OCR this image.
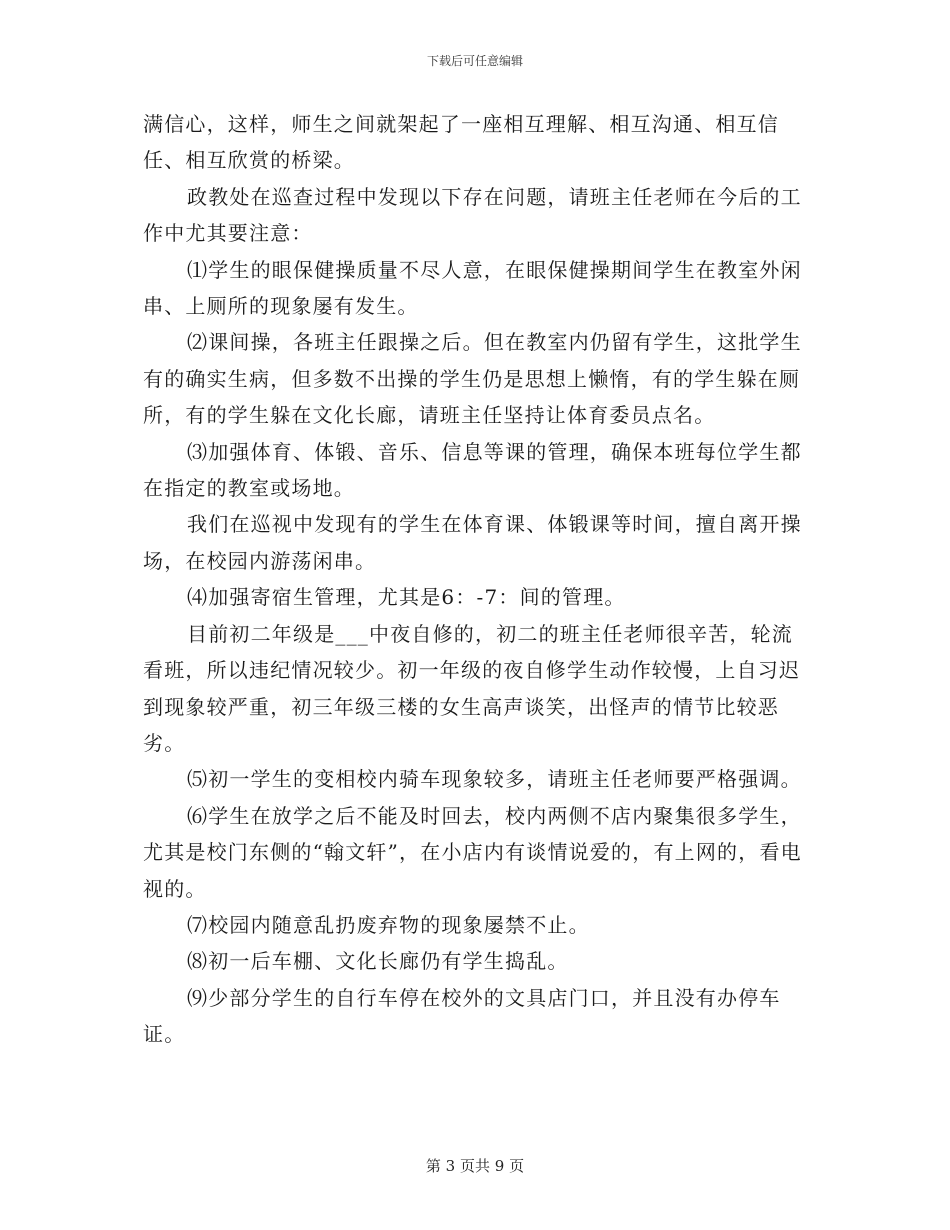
下载后可任意编辑

满信心，这样，师生之间就架起了一座相互理解、相互沟通、相互信任、相互欣赏的桥梁。

政教处在巡查过程中发现以下存在问题，请班主任老师在今后的工作中尤其要注意：

⑴学生的眼保健操质量不尽人意，在眼保健操期间学生在教室外闲串、上厕所的现象屡有发生。

⑵课间操，各班主任跟操之后。但在教室内仍留有学生，这批学生有的确实生病，但多数不出操的学生仍是思想上懒惰，有的学生躲在厕所，有的学生躲在文化长廊，请班主任坚持让体育委员点名。

⑶加强体育、体锻、音乐、信息等课的管理，确保本班每位学生都在指定的教室或场地。

我们在巡视中发现有的学生在体育课、体锻课等时间，擅自离开操场，在校园内游荡闲串。

⑷加强寄宿生管理，尤其是6：-7：间的管理。

目前初二年级是___中夜自修的，初二的班主任老师很辛苦，轮流看班，所以违纪情况较少。初一年级的夜自修学生动作较慢，上自习迟到现象较严重，初三年级三楼的女生高声谈笑，出怪声的情节比较恶劣。

⑸初一学生的变相校内骑车现象较多，请班主任老师要严格强调。

⑹学生在放学之后不能及时回去，校内两侧不店内聚集很多学生，尤其是校门东侧的“翰文轩”，在小店内有谈情说爱的，有上网的，看电视的。

⑺校园内随意乱扔废弃物的现象屡禁不止。

⑻初一后车棚、文化长廊仍有学生捣乱。

⑼少部分学生的自行车停在校外的文具店门口，并且没有办停车证。

第 3 页共 9 页
